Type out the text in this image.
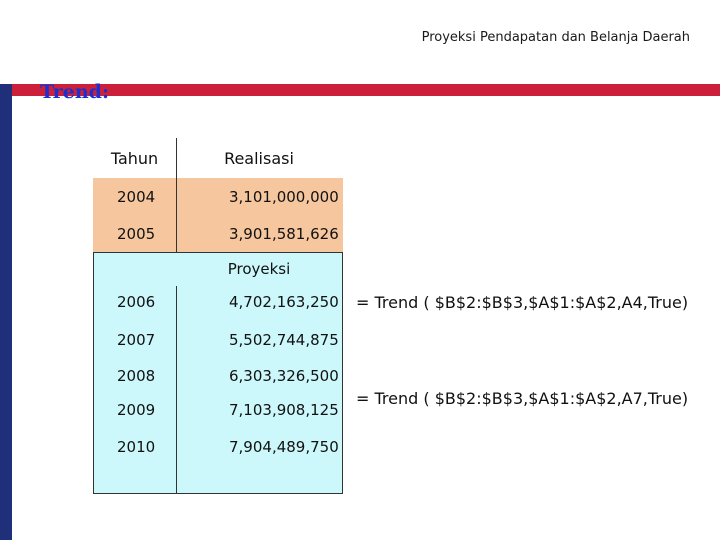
Proyeksi Pendapatan dan Belanja Daerah
Trend:
Tahun	Realisasi
2004	3,101,000,000
2005	3,901,581,626
Proyeksi
2006	4,702,163,250
2007	5,502,744,875
2008	6,303,326,500
2009	7,103,908,125
2010	7,904,489,750
= Trend ( $B$2:$B$3,$A$1:$A$2,A4,True)
= Trend ( $B$2:$B$3,$A$1:$A$2,A7,True)
